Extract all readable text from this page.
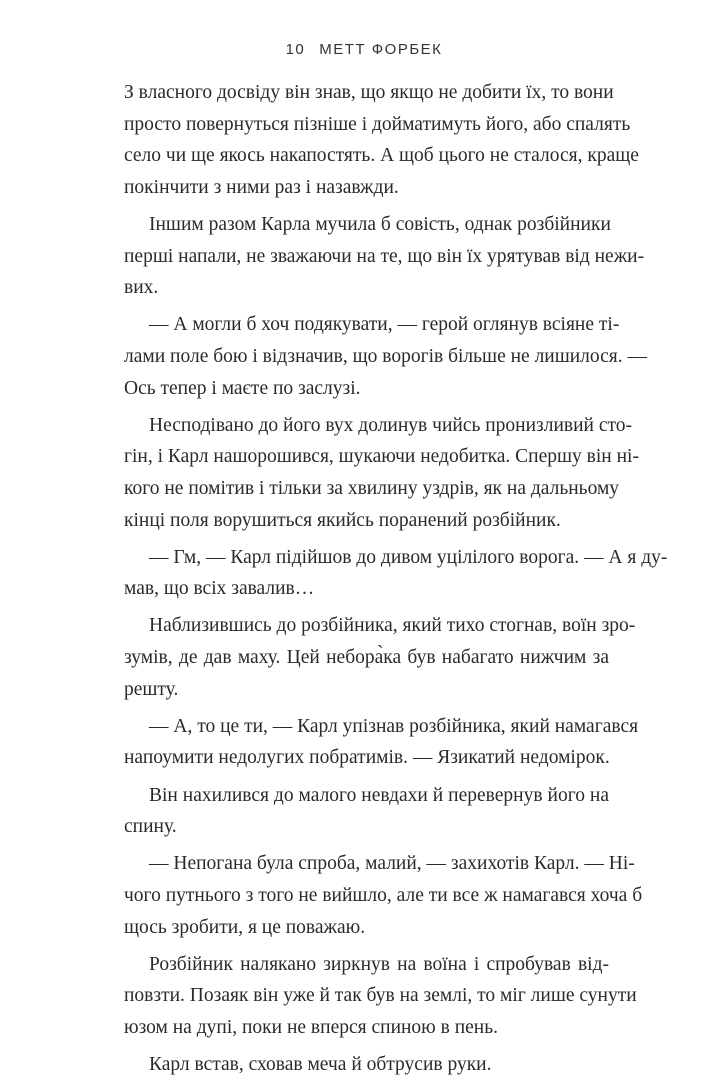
10 МЕТТ ФОРБЕК
З власного досвіду він знав, що якщо не добити їх, то вони
просто повернуться пізніше і дойматимуть його, або спалять
село чи ще якось накапостять. А щоб цього не сталося, краще
покінчити з ними раз і назавжди.
Іншим разом Карла мучила б совість, однак розбійники
перші напали, не зважаючи на те, що він їх урятував від нежи-
вих.
— А могли б хоч подякувати, — герой оглянув всіяне ті-
лами поле бою і відзначив, що ворогів більше не лишилося. —
Ось тепер і маєте по заслузі.
Несподівано до його вух долинув чийсь пронизливий сто-
гін, і Карл нашорошився, шукаючи недобитка. Спершу він ні-
кого не помітив і тільки за хвилину уздрів, як на дальньому
кінці поля ворушиться якийсь поранений розбійник.
— Гм, — Карл підійшов до дивом уцілілого ворога. — А я ду-
мав, що всіх завалив…
Наблизившись до розбійника, який тихо стогнав, воїн зро-
зумів, де дав маху. Цей небора̀ка був набагато нижчим за
решту.
— А, то це ти, — Карл упізнав розбійника, який намагався
напоумити недолугих побратимів. — Язикатий недомірок.
Він нахилився до малого невдахи й перевернув його на
спину.
— Непогана була спроба, малий, — захихотів Карл. — Ні-
чого путнього з того не вийшло, але ти все ж намагався хоча б
щось зробити, я це поважаю.
Розбійник налякано зиркнув на воїна і спробував від-
повзти. Позаяк він уже й так був на землі, то міг лише сунути
юзом на дупі, поки не вперся спиною в пень.
Карл встав, сховав меча й обтрусив руки.
